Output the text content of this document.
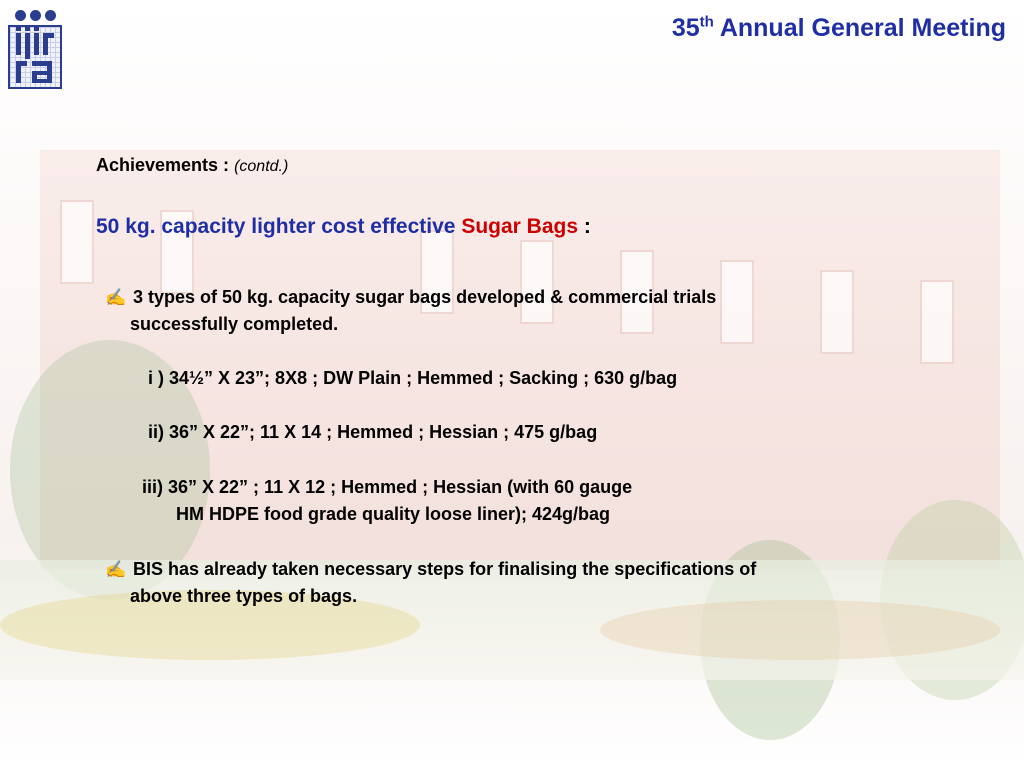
35th Annual General Meeting
Achievements : (contd.)
50 kg. capacity lighter cost effective Sugar Bags :
✍ 3 types of 50 kg. capacity sugar bags developed & commercial trials
successfully completed.
i ) 34½” X 23”; 8X8 ; DW Plain ; Hemmed ; Sacking ; 630 g/bag
ii) 36” X 22”; 11 X 14 ; Hemmed ; Hessian ; 475 g/bag
iii) 36” X 22” ; 11 X 12 ; Hemmed ; Hessian (with 60 gauge
HM HDPE food grade quality loose liner); 424g/bag
✍ BIS has already taken necessary steps for finalising the specifications of
above three types of bags.
